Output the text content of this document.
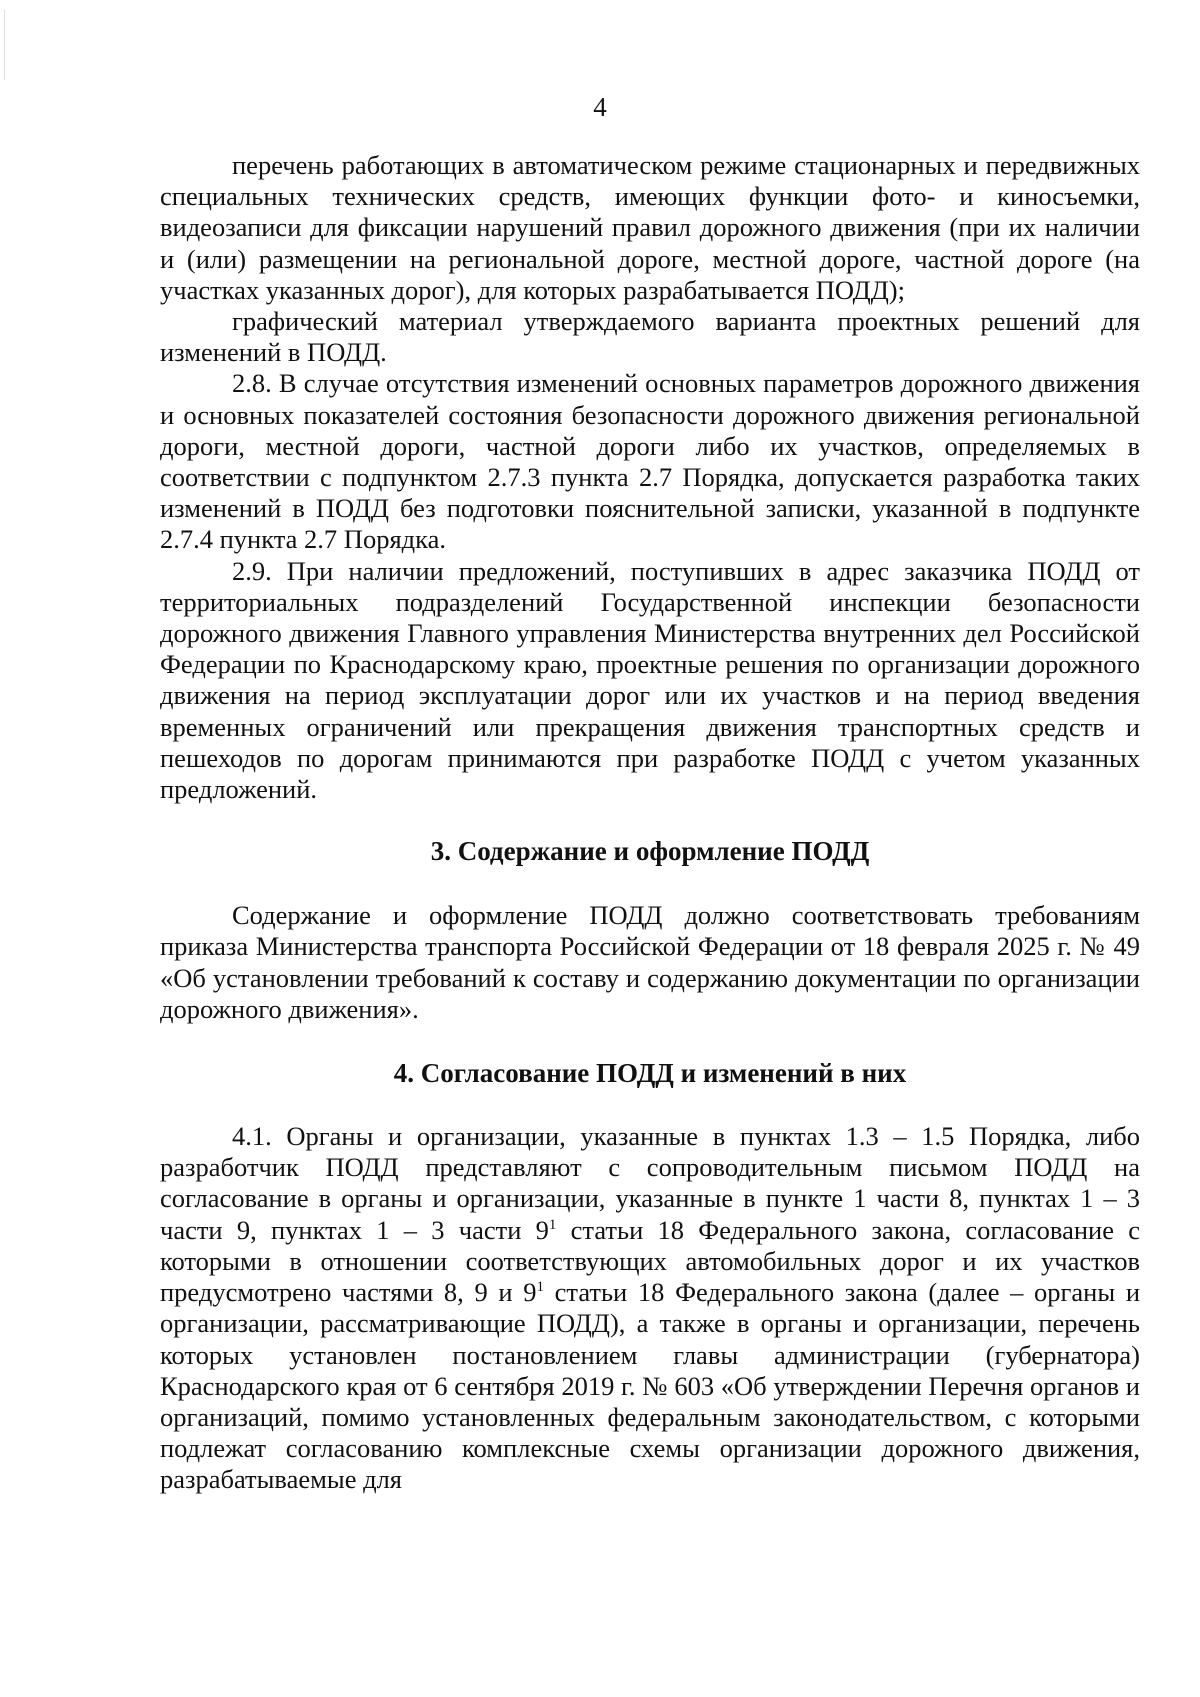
4

перечень работающих в автоматическом режиме стационарных и передвижных специальных технических средств, имеющих функции фото- и киносъемки, видеозаписи для фиксации нарушений правил дорожного движения (при их наличии и (или) размещении на региональной дороге, местной дороге, частной дороге (на участках указанных дорог), для которых разрабатывается ПОДД);

графический материал утверждаемого варианта проектных решений для изменений в ПОДД.

2.8. В случае отсутствия изменений основных параметров дорожного движения и основных показателей состояния безопасности дорожного движения региональной дороги, местной дороги, частной дороги либо их участков, определяемых в соответствии с подпунктом 2.7.3 пункта 2.7 Порядка, допускается разработка таких изменений в ПОДД без подготовки пояснительной записки, указанной в подпункте 2.7.4 пункта 2.7 Порядка.

2.9. При наличии предложений, поступивших в адрес заказчика ПОДД от территориальных подразделений Государственной инспекции безопасности дорожного движения Главного управления Министерства внутренних дел Российской Федерации по Краснодарскому краю, проектные решения по организации дорожного движения на период эксплуатации дорог или их участков и на период введения временных ограничений или прекращения движения транспортных средств и пешеходов по дорогам принимаются при разработке ПОДД с учетом указанных предложений.

3. Содержание и оформление ПОДД

Содержание и оформление ПОДД должно соответствовать требованиям приказа Министерства транспорта Российской Федерации от 18 февраля 2025 г. № 49 «Об установлении требований к составу и содержанию документации по организации дорожного движения».

4. Согласование ПОДД и изменений в них

4.1. Органы и организации, указанные в пунктах 1.3 – 1.5 Порядка, либо разработчик ПОДД представляют с сопроводительным письмом ПОДД на согласование в органы и организации, указанные в пункте 1 части 8, пунктах 1 – 3 части 9, пунктах 1 – 3 части $9^1$ статьи 18 Федерального закона, согласование с которыми в отношении соответствующих автомобильных дорог и их участков предусмотрено частями 8, 9 и $9^1$ статьи 18 Федерального закона (далее – органы и организации, рассматривающие ПОДД), а также в органы и организации, перечень которых установлен постановлением главы администрации (губернатора) Краснодарского края от 6 сентября 2019 г. № 603 «Об утверждении Перечня органов и организаций, помимо установленных федеральным законодательством, с которыми подлежат согласованию комплексные схемы организации дорожного движения, разрабатываемые для
